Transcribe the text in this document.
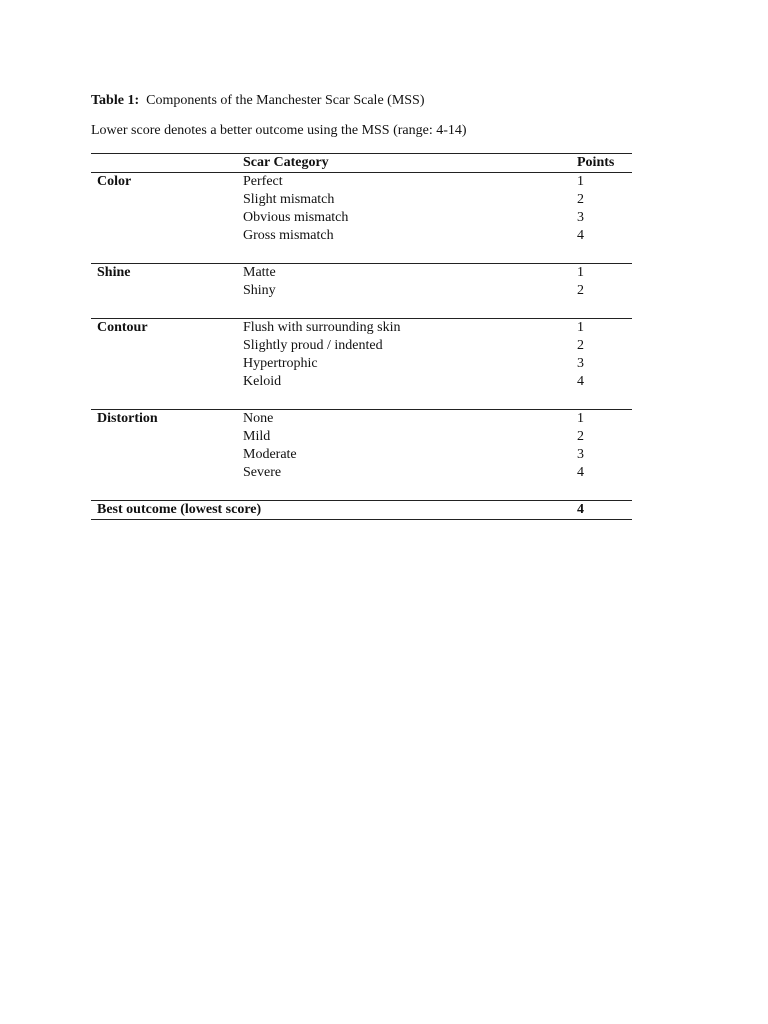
Table 1: Components of the Manchester Scar Scale (MSS)
Lower score denotes a better outcome using the MSS (range: 4-14)
Scar Category	Points
Color	Perfect	1
Slight mismatch	2
Obvious mismatch	3
Gross mismatch	4
Shine	Matte	1
Shiny	2
Contour	Flush with surrounding skin	1
Slightly proud / indented	2
Hypertrophic	3
Keloid	4
Distortion	None	1
Mild	2
Moderate	3
Severe	4
Best outcome (lowest score)	4
